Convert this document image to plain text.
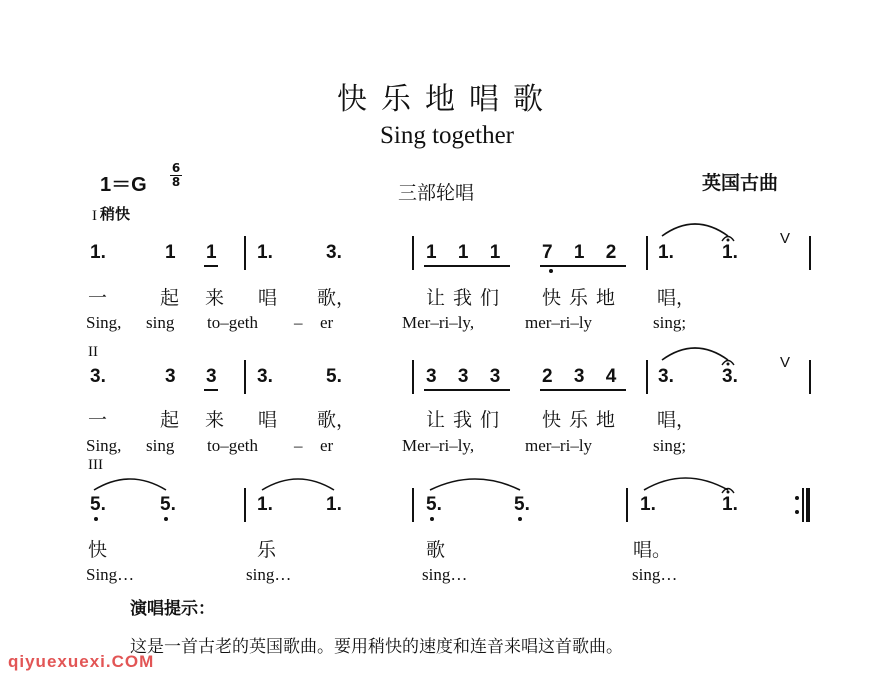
快乐地唱歌
Sing together
1＝G
6
8	三部轮唱	英国古曲
I 稍快
II
III
1.	1 1 1.	3.	1 1 1 7 1 2 1.	1.
V
一	起 来 唱 歌，	让我们 快乐地 唱，
Sing, sing to–geth – er	Mer–ri–ly,	mer–ri–ly	sing;
3.	3 3 3.	5.	3 3 3 2 3 4 3.	3.
V
一	起 来 唱 歌，	让我们 快乐地 唱，
Sing, sing to–geth – er	Mer–ri–ly,	mer–ri–ly	sing;
5.	5.	1.	1.	5.	5.	1.	1.
快	乐	歌	唱。
Sing…	sing…	sing…	sing…
演唱提示：
这是一首古老的英国歌曲。要用稍快的速度和连音来唱这首歌曲。
qiyuexuexi.COM
